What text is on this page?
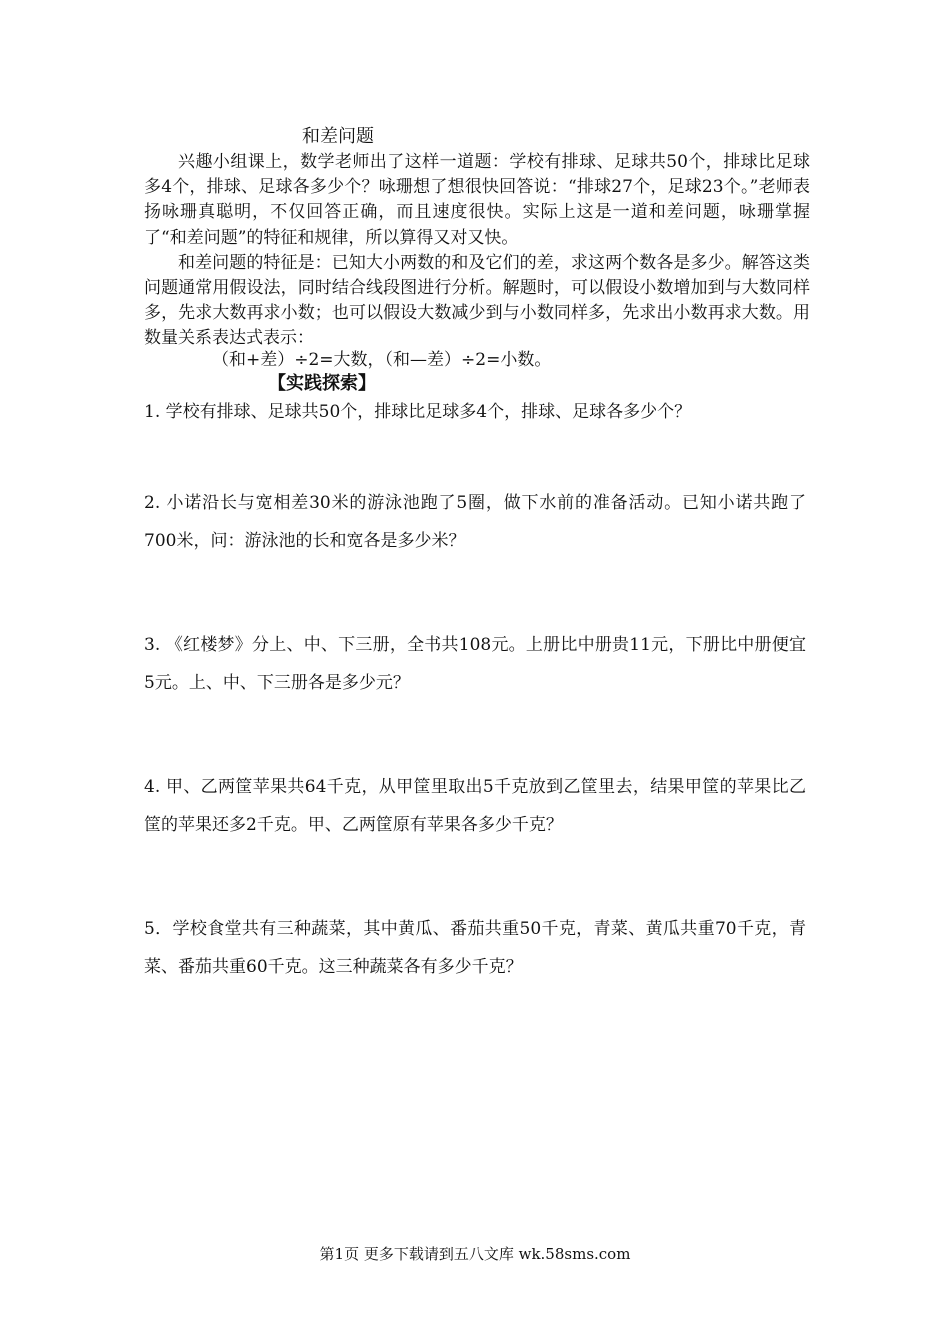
和差问题

兴趣小组课上，数学老师出了这样一道题：学校有排球、足球共50个，排球比足球多4个，排球、足球各多少个？咏珊想了想很快回答说：“排球27个，足球23个。”老师表扬咏珊真聪明，不仅回答正确，而且速度很快。实际上这是一道和差问题，咏珊掌握了“和差问题”的特征和规律，所以算得又对又快。

和差问题的特征是：已知大小两数的和及它们的差，求这两个数各是多少。解答这类问题通常用假设法，同时结合线段图进行分析。解题时，可以假设小数增加到与大数同样多，先求大数再求小数；也可以假设大数减少到与小数同样多，先求出小数再求大数。用数量关系表达式表示：

（和+差）÷2=大数，（和—差）÷2=小数。
【实践探索】
1. 学校有排球、足球共50个，排球比足球多4个，排球、足球各多少个？
2. 小诺沿长与宽相差30米的游泳池跑了5圈，做下水前的准备活动。已知小诺共跑了700米，问：游泳池的长和宽各是多少米？
3. 《红楼梦》分上、中、下三册，全书共108元。上册比中册贵11元，下册比中册便宜5元。上、中、下三册各是多少元？
4. 甲、乙两筐苹果共64千克，从甲筐里取出5千克放到乙筐里去，结果甲筐的苹果比乙筐的苹果还多2千克。甲、乙两筐原有苹果各多少千克？
5．学校食堂共有三种蔬菜，其中黄瓜、番茄共重50千克，青菜、黄瓜共重70千克，青菜、番茄共重60千克。这三种蔬菜各有多少千克？
第1页 更多下载请到五八文库 wk.58sms.com
